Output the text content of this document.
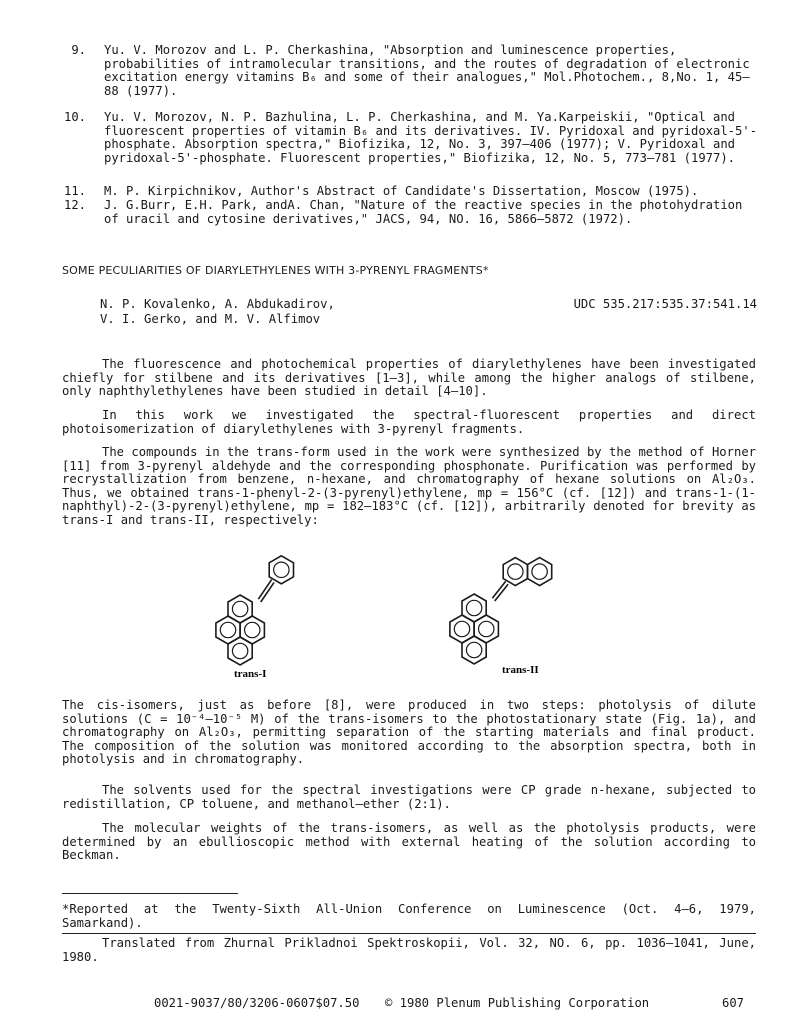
9. Yu. V. Morozov and L. P. Cherkashina, "Absorption and luminescence properties, probabilities of intramolecular transitions, and the routes of degradation of electronic excitation energy vitamins B₆ and some of their analogues," Mol.Photochem., 8,No. 1, 45–88 (1977).
10. Yu. V. Morozov, N. P. Bazhulina, L. P. Cherkashina, and M. Ya.Karpeiskii, "Optical and fluorescent properties of vitamin B₆ and its derivatives. IV. Pyridoxal and pyridoxal-5'-phosphate. Absorption spectra," Biofizika, 12, No. 3, 397–406 (1977); V. Pyridoxal and pyridoxal-5'-phosphate. Fluorescent properties," Biofizika, 12, No. 5, 773–781 (1977).
11. M. P. Kirpichnikov, Author's Abstract of Candidate's Dissertation, Moscow (1975).
12. J. G.Burr, E.H. Park, andA. Chan, "Nature of the reactive species in the photohydration of uracil and cytosine derivatives," JACS, 94, NO. 16, 5866–5872 (1972).
SOME PECULIARITIES OF DIARYLETHYLENES WITH 3-PYRENYL FRAGMENTS*
N. P. Kovalenko, A. Abdukadirov,
V. I. Gerko, and M. V. Alfimov
UDC 535.217:535.37:541.14
The fluorescence and photochemical properties of diarylethylenes have been investigated chiefly for stilbene and its derivatives [1–3], while among the higher analogs of stilbene, only naphthylethylenes have been studied in detail [4–10].
In this work we investigated the spectral-fluorescent properties and direct photoisomerization of diarylethylenes with 3-pyrenyl fragments.
The compounds in the trans-form used in the work were synthesized by the method of Horner [11] from 3-pyrenyl aldehyde and the corresponding phosphonate. Purification was performed by recrystallization from benzene, n-hexane, and chromatography of hexane solutions on Al₂O₃. Thus, we obtained trans-1-phenyl-2-(3-pyrenyl)ethylene, mp = 156°C (cf. [12]) and trans-1-(1-naphthyl)-2-(3-pyrenyl)ethylene, mp = 182–183°C (cf. [12]), arbitrarily denoted for brevity as trans-I and trans-II, respectively:
trans-I	trans-II
The cis-isomers, just as before [8], were produced in two steps: photolysis of dilute solutions (C = 10⁻⁴–10⁻⁵ M) of the trans-isomers to the photostationary state (Fig. 1a), and chromatography on Al₂O₃, permitting separation of the starting materials and final product. The composition of the solution was monitored according to the absorption spectra, both in photolysis and in chromatography.
The solvents used for the spectral investigations were CP grade n-hexane, subjected to redistillation, CP toluene, and methanol–ether (2:1).
The molecular weights of the trans-isomers, as well as the photolysis products, were determined by an ebullioscopic method with external heating of the solution according to Beckman.
*Reported at the Twenty-Sixth All-Union Conference on Luminescence (Oct. 4–6, 1979, Samarkand).
Translated from Zhurnal Prikladnoi Spektroskopii, Vol. 32, NO. 6, pp. 1036–1041, June, 1980.
0021-9037/80/3206-0607$07.50 © 1980 Plenum Publishing Corporation	607
